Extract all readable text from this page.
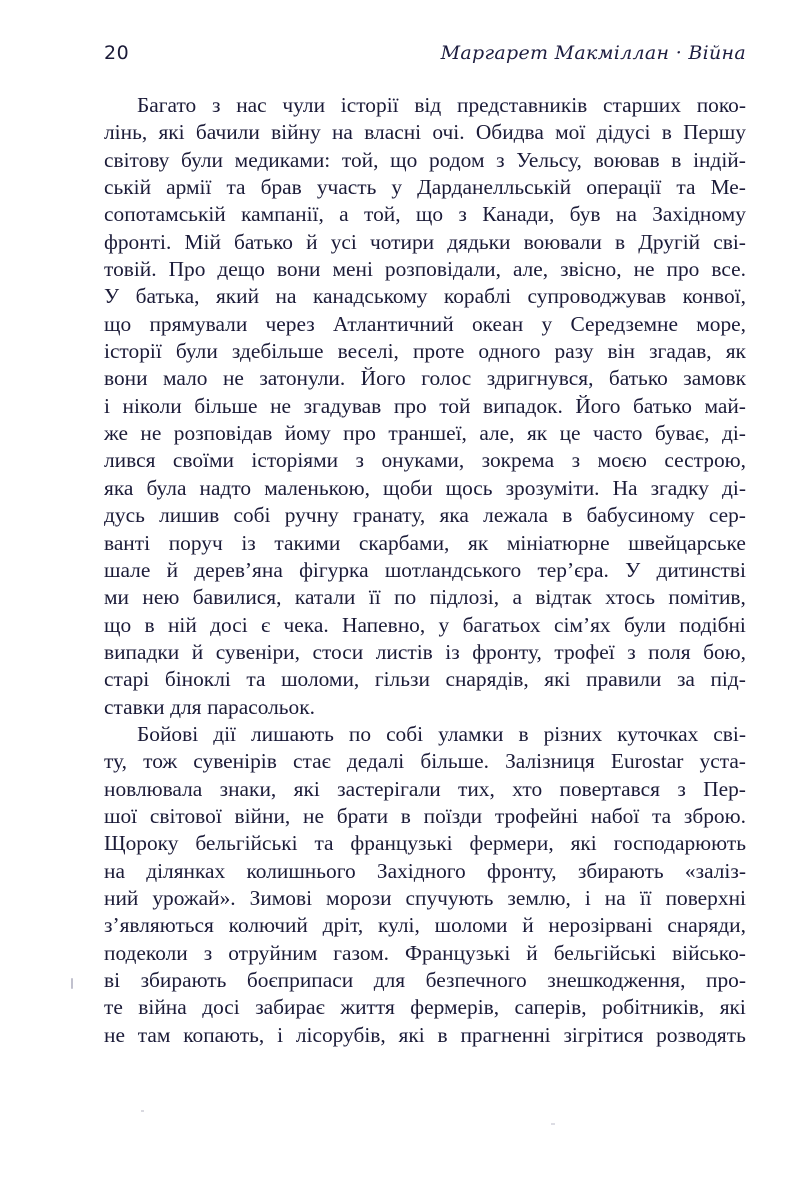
20	Маргарет Макміллан · Війна
Багато з нас чули історії від представників старших поко-
лінь, які бачили війну на власні очі. Обидва мої дідусі в Першу
світову були медиками: той, що родом з Уельсу, воював в індій-
ській армії та брав участь у Дарданелльській операції та Ме-
сопотамській кампанії, а той, що з Канади, був на Західному
фронті. Мій батько й усі чотири дядьки воювали в Другій сві-
товій. Про дещо вони мені розповідали, але, звісно, не про все.
У батька, який на канадському кораблі супроводжував конвої,
що прямували через Атлантичний океан у Середземне море,
історії були здебільше веселі, проте одного разу він згадав, як
вони мало не затонули. Його голос здригнувся, батько замовк
і ніколи більше не згадував про той випадок. Його батько май-
же не розповідав йому про траншеї, але, як це часто буває, ді-
лився своїми історіями з онуками, зокрема з моєю сестрою,
яка була надто маленькою, щоби щось зрозуміти. На згадку ді-
дусь лишив собі ручну гранату, яка лежала в бабусиному сер-
ванті поруч із такими скарбами, як мініатюрне швейцарське
шале й дерев’яна фігурка шотландського тер’єра. У дитинстві
ми нею бавилися, катали її по підлозі, а відтак хтось помітив,
що в ній досі є чека. Напевно, у багатьох сім’ях були подібні
випадки й сувеніри, стоси листів із фронту, трофеї з поля бою,
старі біноклі та шоломи, гільзи снарядів, які правили за під-
ставки для парасольок.
Бойові дії лишають по собі уламки в різних куточках сві-
ту, тож сувенірів стає дедалі більше. Залізниця Eurostar уста-
новлювала знаки, які застерігали тих, хто повертався з Пер-
шої світової війни, не брати в поїзди трофейні набої та зброю.
Щороку бельгійські та французькі фермери, які господарюють
на ділянках колишнього Західного фронту, збирають «заліз-
ний урожай». Зимові морози спучують землю, і на її поверхні
з’являються колючий дріт, кулі, шоломи й нерозірвані снаряди,
подеколи з отруйним газом. Французькі й бельгійські військо-
ві збирають боєприпаси для безпечного знешкодження, про-
те війна досі забирає життя фермерів, саперів, робітників, які
не там копають, і лісорубів, які в прагненні зігрітися розводять
